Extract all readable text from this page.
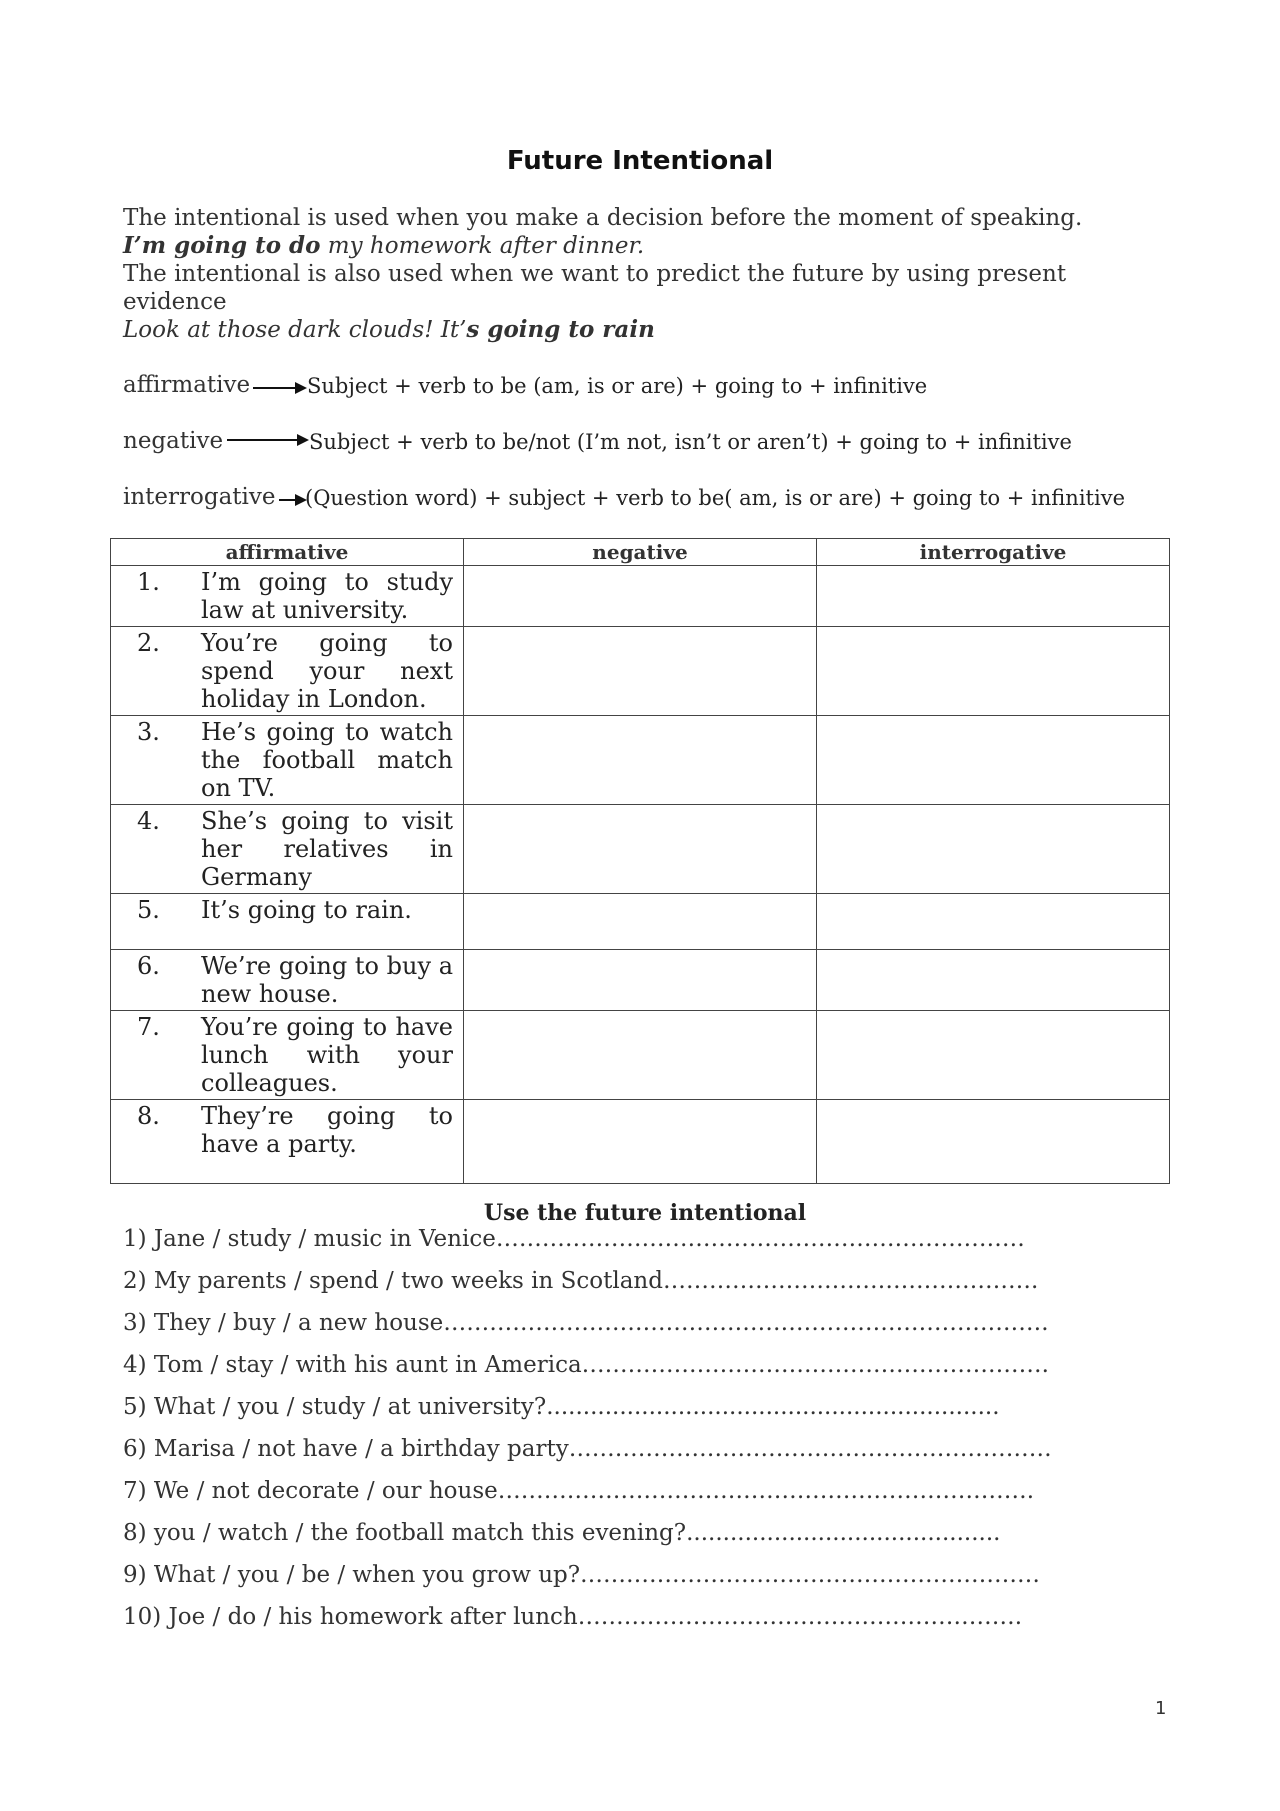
Future Intentional

The intentional is used when you make a decision before the moment of speaking.

I’m going to do my homework after dinner.

The intentional is also used when we want to predict the future by using present evidence

Look at those dark clouds! It’s going to rain

affirmative	Subject + verb to be (am, is or are) + going to + infinitive
negative	Subject + verb to be/not (I’m not, isn’t or aren’t) + going to + infinitive
interrogative (Question word) + subject + verb to be( am, is or are) + going to + infinitive
affirmative	negative	interrogative

1. I’m going to study law at university.		

2. You’re going to spend your next holiday in London.		

3. He’s going to watch the football match on TV.		

4. She’s going to visit her relatives in Germany		

5. It’s going to rain.		

6. We’re going to buy a new house.		

7. You’re going to have lunch with your colleagues.		

8. They’re going to have a party.		

Use the future intentional
1) Jane / study / music in Venice……………………………………………………………
2) My parents / spend / two weeks in Scotland………………………………………….
3) They / buy / a new house…………………………………………………………………….
4) Tom / stay / with his aunt in America…………………………………………………….
5) What / you / study / at university?..............................................................
6) Marisa / not have / a birthday party………………………………………………………
7) We / not decorate / our house…………………………………………………………….
8) you / watch / the football match this evening?...........................................
9) What / you / be / when you grow up?……………………………………………………
10) Joe / do / his homework after lunch………………………………………………….
1
